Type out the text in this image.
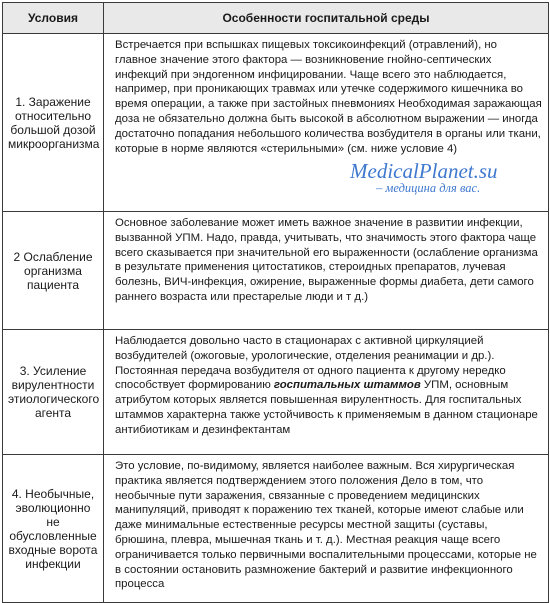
Условия	Особенности госпитальной среды
1. Заражение относительно большой дозой микроорганизма	Встречается при вспышках пищевых токсикоинфекций (отравлений), но главное значение этого фактора — возникновение гнойно-септических инфекций при эндогенном инфицировании. Чаще всего это наблюдается, например, при проникающих травмах или утечке содержимого кишечника во время операции, а также при застойных пневмониях Необходимая заражающая доза не обязательно должна быть высокой в абсолютном выражении — иногда достаточно попадания небольшого количества возбудителя в органы или ткани, которые в норме являются «стерильными» (см. ниже условие 4)
2 Ослабление организма пациента	Основное заболевание может иметь важное значение в развитии инфекции, вызванной УПМ. Надо, правда, учитывать, что значимость этого фактора чаще всего сказывается при значительной его выраженности (ослабление организма в результате применения цитостатиков, стероидных препаратов, лучевая болезнь, ВИЧ-инфекция, ожирение, выраженные формы диабета, дети самого раннего возраста или престарелые люди и т д.)
3. Усиление вирулентности этиологического агента	Наблюдается довольно часто в стационарах с активной циркуляцией возбудителей (ожоговые, урологические, отделения реанимации и др.). Постоянная передача возбудителя от одного пациента к другому нередко способствует формированию госпитальных штаммов УПМ, основным атрибутом которых является повышенная вирулентность. Для госпитальных штаммов характерна также устойчивость к применяемым в данном стационаре антибиотикам и дезинфектантам
4. Необычные, эволюционно не обусловленные входные ворота инфекции	Это условие, по-видимому, является наиболее важным. Вся хирургическая практика является подтверждением этого положения Дело в том, что необычные пути заражения, связанные с проведением медицинских манипуляций, приводят к поражению тех тканей, которые имеют слабые или даже минимальные естественные ресурсы местной защиты (суставы, брюшина, плевра, мышечная ткань и т. д.). Местная реакция чаще всего ограничивается только первичными воспалительными процессами, которые не в состоянии остановить размножение бактерий и развитие инфекционного процесса
MedicalPlanet.su
– медицина для вас.
